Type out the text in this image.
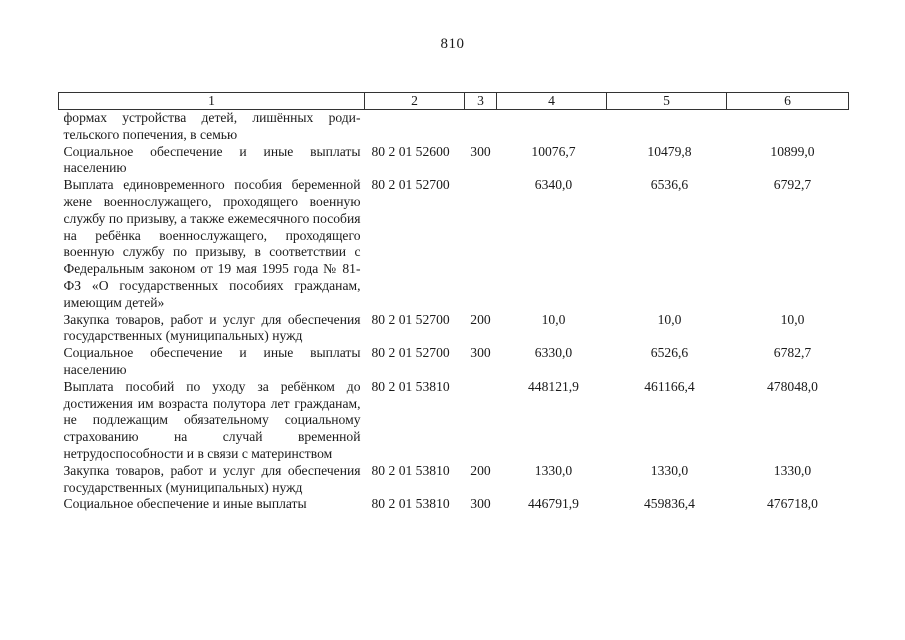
810
1	2	3	4	5	6
формах устройства детей, лишённых родительского попечения, в семью					
Социальное обеспечение и иные выплаты населению	80 2 01 52600	300	10076,7	10479,8	10899,0
Выплата единовременного пособия беременной жене военнослужащего, проходящего военную службу по призыву, а также ежемесячного пособия на ребёнка военнослужащего, проходящего военную службу по призыву, в соответствии с Федеральным законом от 19 мая 1995 года № 81-ФЗ «О государственных пособиях гражданам, имеющим детей»	80 2 01 52700		6340,0	6536,6	6792,7
Закупка товаров, работ и услуг для обеспечения государственных (муниципальных) нужд	80 2 01 52700	200	10,0	10,0	10,0
Социальное обеспечение и иные выплаты населению	80 2 01 52700	300	6330,0	6526,6	6782,7
Выплата пособий по уходу за ребёнком до достижения им возраста полутора лет гражданам, не подлежащим обязательному социальному страхованию на случай временной нетрудоспособности и в связи с материнством	80 2 01 53810		448121,9	461166,4	478048,0
Закупка товаров, работ и услуг для обеспечения государственных (муниципальных) нужд	80 2 01 53810	200	1330,0	1330,0	1330,0
Социальное обеспечение и иные выплаты	80 2 01 53810	300	446791,9	459836,4	476718,0
